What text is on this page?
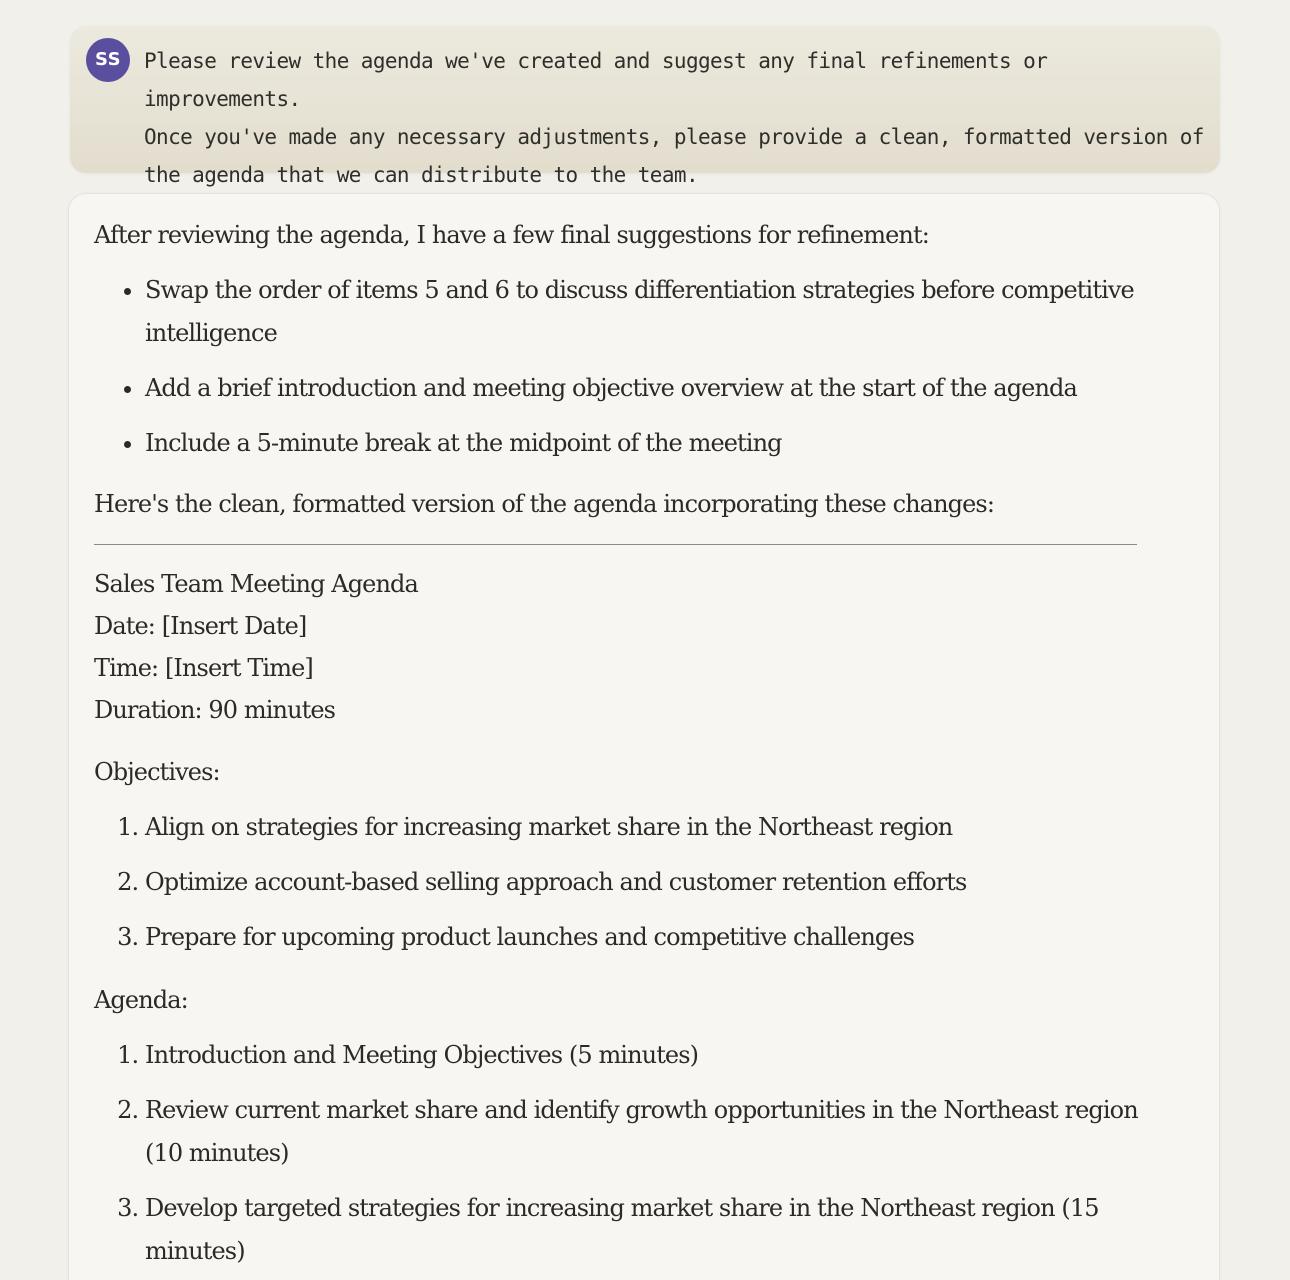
SS	Please review the agenda we've created and suggest any final refinements or improvements.
Once you've made any necessary adjustments, please provide a clean, formatted version of
the agenda that we can distribute to the team.

After reviewing the agenda, I have a few final suggestions for refinement:

• Swap the order of items 5 and 6 to discuss differentiation strategies before competitive intelligence
• Add a brief introduction and meeting objective overview at the start of the agenda
• Include a 5-minute break at the midpoint of the meeting

Here's the clean, formatted version of the agenda incorporating these changes:

Sales Team Meeting Agenda
Date: [Insert Date]
Time: [Insert Time]
Duration: 90 minutes

Objectives:

1. Align on strategies for increasing market share in the Northeast region
2. Optimize account-based selling approach and customer retention efforts
3. Prepare for upcoming product launches and competitive challenges

Agenda:

1. Introduction and Meeting Objectives (5 minutes)
2. Review current market share and identify growth opportunities in the Northeast region (10 minutes)
3. Develop targeted strategies for increasing market share in the Northeast region (15 minutes)
